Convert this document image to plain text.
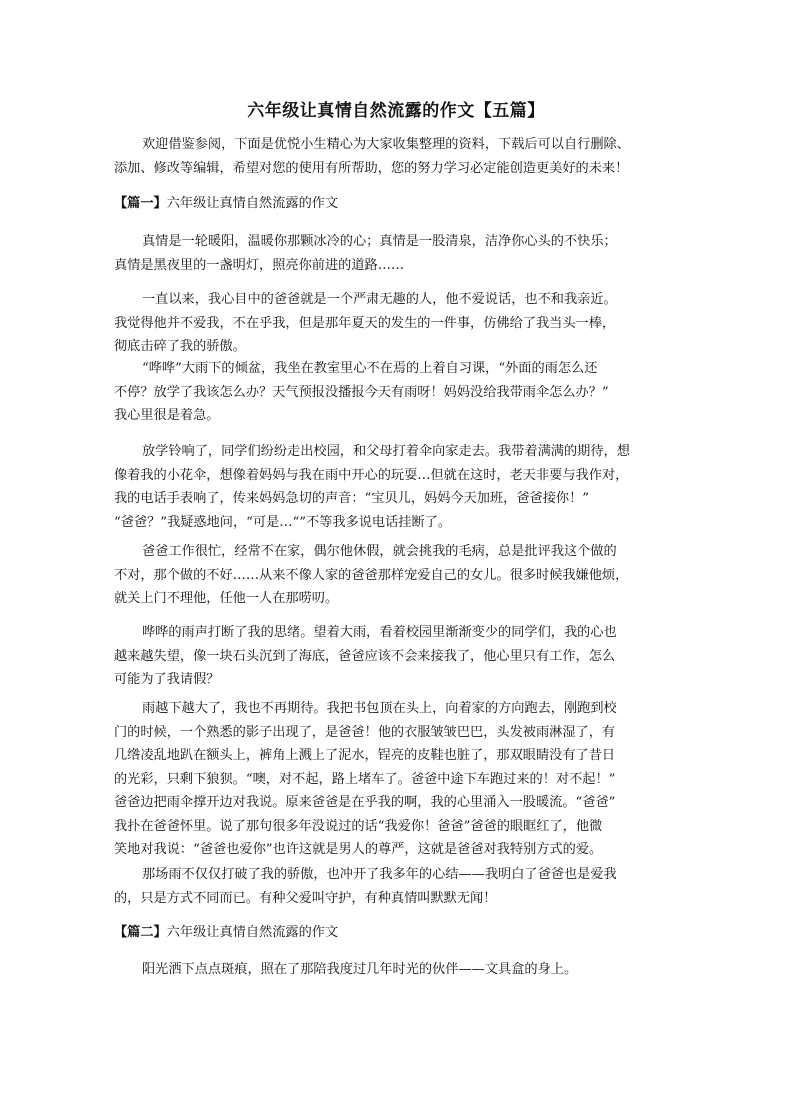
六年级让真情自然流露的作文【五篇】
欢迎借鉴参阅，下面是优悦小生精心为大家收集整理的资料，下载后可以自行删除、
添加、修改等编辑，希望对您的使用有所帮助，您的努力学习必定能创造更美好的未来！
【篇一】六年级让真情自然流露的作文
真情是一轮暖阳，温暖你那颗冰冷的心；真情是一股清泉，洁净你心头的不快乐；
真情是黑夜里的一盏明灯，照亮你前进的道路……
一直以来，我心目中的爸爸就是一个严肃无趣的人，他不爱说话，也不和我亲近。
我觉得他并不爱我，不在乎我，但是那年夏天的发生的一件事，仿佛给了我当头一棒，
彻底击碎了我的骄傲。
“哗哗”大雨下的倾盆，我坐在教室里心不在焉的上着自习课，“外面的雨怎么还
不停？放学了我该怎么办？天气预报没播报今天有雨呀！妈妈没给我带雨伞怎么办？”
我心里很是着急。
放学铃响了，同学们纷纷走出校园，和父母打着伞向家走去。我带着满满的期待，想
像着我的小花伞，想像着妈妈与我在雨中开心的玩耍…但就在这时，老天非要与我作对，
我的电话手表响了，传来妈妈急切的声音：“宝贝儿，妈妈今天加班，爸爸接你！”
“爸爸？”我疑惑地问，“可是…“”不等我多说电话挂断了。
爸爸工作很忙，经常不在家，偶尔他休假，就会挑我的毛病，总是批评我这个做的
不对，那个做的不好……从来不像人家的爸爸那样宠爱自己的女儿。很多时候我嫌他烦，
就关上门不理他，任他一人在那唠叨。
哗哗的雨声打断了我的思绪。望着大雨，看着校园里渐渐变少的同学们，我的心也
越来越失望，像一块石头沉到了海底，爸爸应该不会来接我了，他心里只有工作，怎么
可能为了我请假？
雨越下越大了，我也不再期待。我把书包顶在头上，向着家的方向跑去，刚跑到校
门的时候，一个熟悉的影子出现了，是爸爸！他的衣服皱皱巴巴，头发被雨淋湿了，有
几绺凌乱地趴在额头上，裤角上溅上了泥水，锃亮的皮鞋也脏了，那双眼睛没有了昔日
的光彩，只剩下狼狈。“噢，对不起，路上堵车了。爸爸中途下车跑过来的！对不起！”
爸爸边把雨伞撑开边对我说。原来爸爸是在乎我的啊，我的心里涌入一股暖流。“爸爸”
我扑在爸爸怀里。说了那句很多年没说过的话“我爱你！爸爸”爸爸的眼眶红了，他微
笑地对我说：“爸爸也爱你”也许这就是男人的尊严，这就是爸爸对我特别方式的爱。
那场雨不仅仅打破了我的骄傲，也冲开了我多年的心结——我明白了爸爸也是爱我
的，只是方式不同而已。有种父爱叫守护，有种真情叫默默无闻！
【篇二】六年级让真情自然流露的作文
阳光洒下点点斑痕，照在了那陪我度过几年时光的伙伴——文具盒的身上。
